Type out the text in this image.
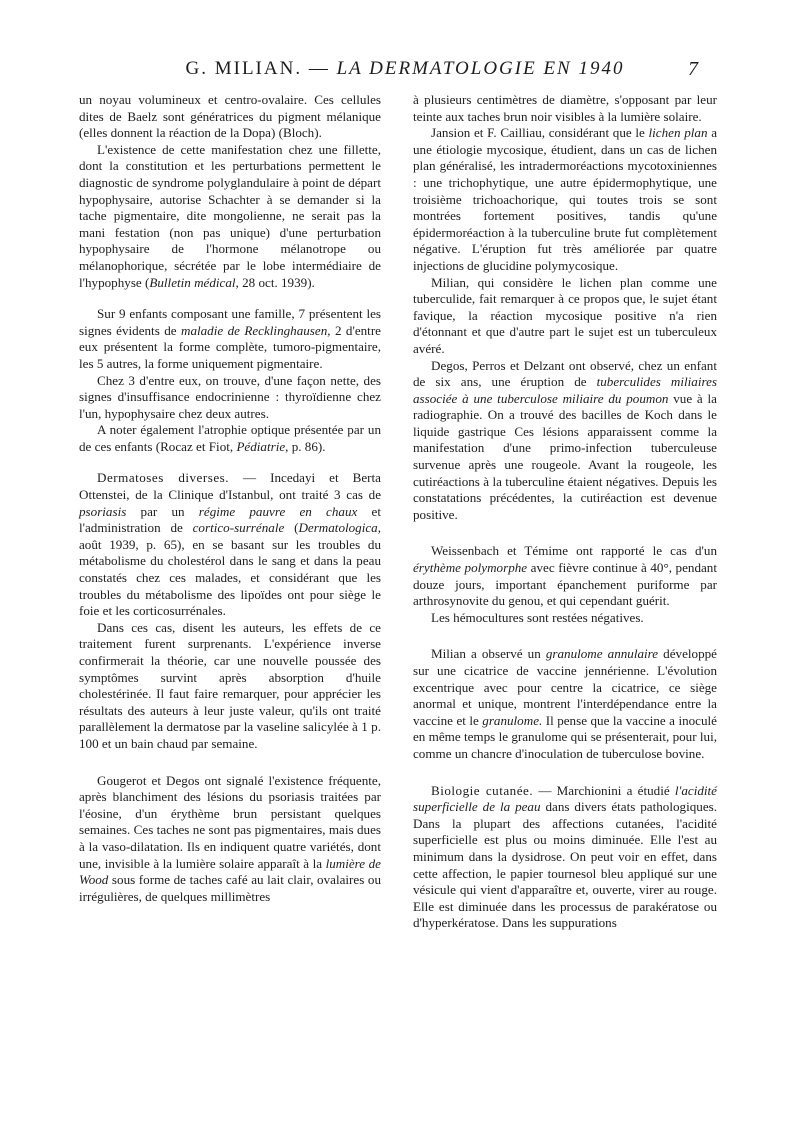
G. MILIAN. — LA DERMATOLOGIE EN 1940	7

un noyau volumineux et centro-ovalaire. Ces cellules dites de Baelz sont génératrices du pigment mélanique (elles donnent la réaction de la Dopa) (Bloch).

L'existence de cette manifestation chez une fillette, dont la constitution et les perturbations permettent le diagnostic de syndrome polyglandulaire à point de départ hypophysaire, autorise Schachter à se demander si la tache pigmentaire, dite mongolienne, ne serait pas la mani festation (non pas unique) d'une perturbation hypophysaire de l'hormone mélanotrope ou mélanophorique, sécrétée par le lobe intermédiaire de l'hypophyse (Bulletin médical, 28 oct. 1939).

Sur 9 enfants composant une famille, 7 présentent les signes évidents de maladie de Recklinghausen, 2 d'entre eux présentent la forme complète, tumoro-pigmentaire, les 5 autres, la forme uniquement pigmentaire.

Chez 3 d'entre eux, on trouve, d'une façon nette, des signes d'insuffisance endocrinienne : thyroïdienne chez l'un, hypophysaire chez deux autres.

A noter également l'atrophie optique présentée par un de ces enfants (Rocaz et Fiot, Pédiatrie, p. 86).

Dermatoses diverses. — Incedayi et Berta Ottenstei, de la Clinique d'Istanbul, ont traité 3 cas de psoriasis par un régime pauvre en chaux et l'administration de cortico-surrénale (Dermatologica, août 1939, p. 65), en se basant sur les troubles du métabolisme du cholestérol dans le sang et dans la peau constatés chez ces malades, et considérant que les troubles du métabolisme des lipoïdes ont pour siège le foie et les corticosurrénales.

Dans ces cas, disent les auteurs, les effets de ce traitement furent surprenants. L'expérience inverse confirmerait la théorie, car une nouvelle poussée des symptômes survint après absorption d'huile cholestérinée. Il faut faire remarquer, pour apprécier les résultats des auteurs à leur juste valeur, qu'ils ont traité parallèlement la dermatose par la vaseline salicylée à 1 p. 100 et un bain chaud par semaine.

Gougerot et Degos ont signalé l'existence fréquente, après blanchiment des lésions du psoriasis traitées par l'éosine, d'un érythème brun persistant quelques semaines. Ces taches ne sont pas pigmentaires, mais dues à la vaso-dilatation. Ils en indiquent quatre variétés, dont une, invisible à la lumière solaire apparaît à la lumière de Wood sous forme de taches café au lait clair, ovalaires ou irrégulières, de quelques millimètres

à plusieurs centimètres de diamètre, s'opposant par leur teinte aux taches brun noir visibles à la lumière solaire.

Jansion et F. Cailliau, considérant que le lichen plan a une étiologie mycosique, étudient, dans un cas de lichen plan généralisé, les intradermoréactions mycotoxiniennes : une trichophytique, une autre épidermophytique, une troisième trichoachorique, qui toutes trois se sont montrées fortement positives, tandis qu'une épidermoréaction à la tuberculine brute fut complètement négative. L'éruption fut très améliorée par quatre injections de glucidine polymycosique.

Milian, qui considère le lichen plan comme une tuberculide, fait remarquer à ce propos que, le sujet étant favique, la réaction mycosique positive n'a rien d'étonnant et que d'autre part le sujet est un tuberculeux avéré.

Degos, Perros et Delzant ont observé, chez un enfant de six ans, une éruption de tuberculides miliaires associée à une tuberculose miliaire du poumon vue à la radiographie. On a trouvé des bacilles de Koch dans le liquide gastrique Ces lésions apparaissent comme la manifestation d'une primo-infection tuberculeuse survenue après une rougeole. Avant la rougeole, les cutiréactions à la tuberculine étaient négatives. Depuis les constatations précédentes, la cutiréaction est devenue positive.

Weissenbach et Témime ont rapporté le cas d'un érythème polymorphe avec fièvre continue à 40°, pendant douze jours, important épanchement puriforme par arthrosynovite du genou, et qui cependant guérit.

Les hémocultures sont restées négatives.

Milian a observé un granulome annulaire développé sur une cicatrice de vaccine jennérienne. L'évolution excentrique avec pour centre la cicatrice, ce siège anormal et unique, montrent l'interdépendance entre la vaccine et le granulome. Il pense que la vaccine a inoculé en même temps le granulome qui se présenterait, pour lui, comme un chancre d'inoculation de tuberculose bovine.

Biologie cutanée. — Marchionini a étudié l'acidité superficielle de la peau dans divers états pathologiques. Dans la plupart des affections cutanées, l'acidité superficielle est plus ou moins diminuée. Elle l'est au minimum dans la dysidrose. On peut voir en effet, dans cette affection, le papier tournesol bleu appliqué sur une vésicule qui vient d'apparaître et, ouverte, virer au rouge. Elle est diminuée dans les processus de parakératose ou d'hyperkératose. Dans les suppurations
